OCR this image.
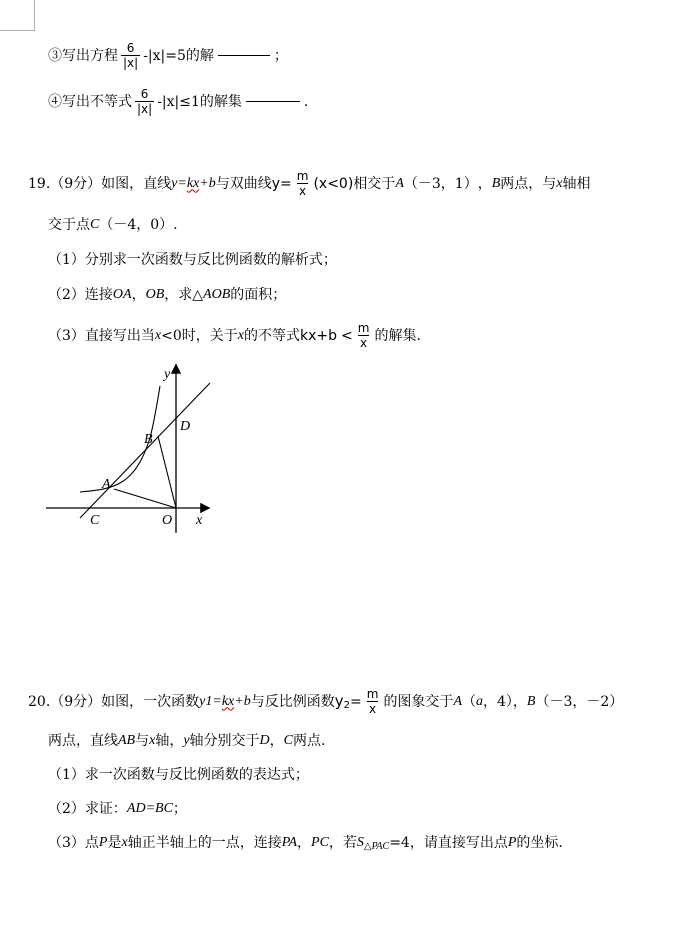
③写出方程 $\frac{6}{|x|} -|x|=5$的解	；
④写出不等式 $\frac{6}{|x|} -|x|\le 1$的解集	.
19.（9分）如图，直线 y= kx +b 与双曲线 $y= \frac{m}{x} (x<0)$ 相交于 A （－3，1） ， B 两点，与 x 轴相
交于点 C （－4，0）.
（1）分别求一次函数与反比例函数的解析式；
（2）连接 OA ， OB ，求△ AOB 的面积；
（3）直接写出当 x <0时，关于 x 的不等式 $kx+b < \frac{m}{x}$ 的解集.
y
x
A
B
C
D
O
20.（9分）如图，一次函数 y1= kx +b 与反比例函数 y $2 = \frac{m}{x}$ 的图象交于 A （ a ，4）， B （－3，－2）
两点，直线 AB 与 x 轴， y 轴分别交于 D ， C 两点.
（1）求一次函数与反比例函数的表达式；
（2）求证： AD=BC ；
（3）点 P 是 x 轴正半轴上的一点，连接 PA ， PC ，若 S △PAC =4，请直接写出点 P 的坐标.
